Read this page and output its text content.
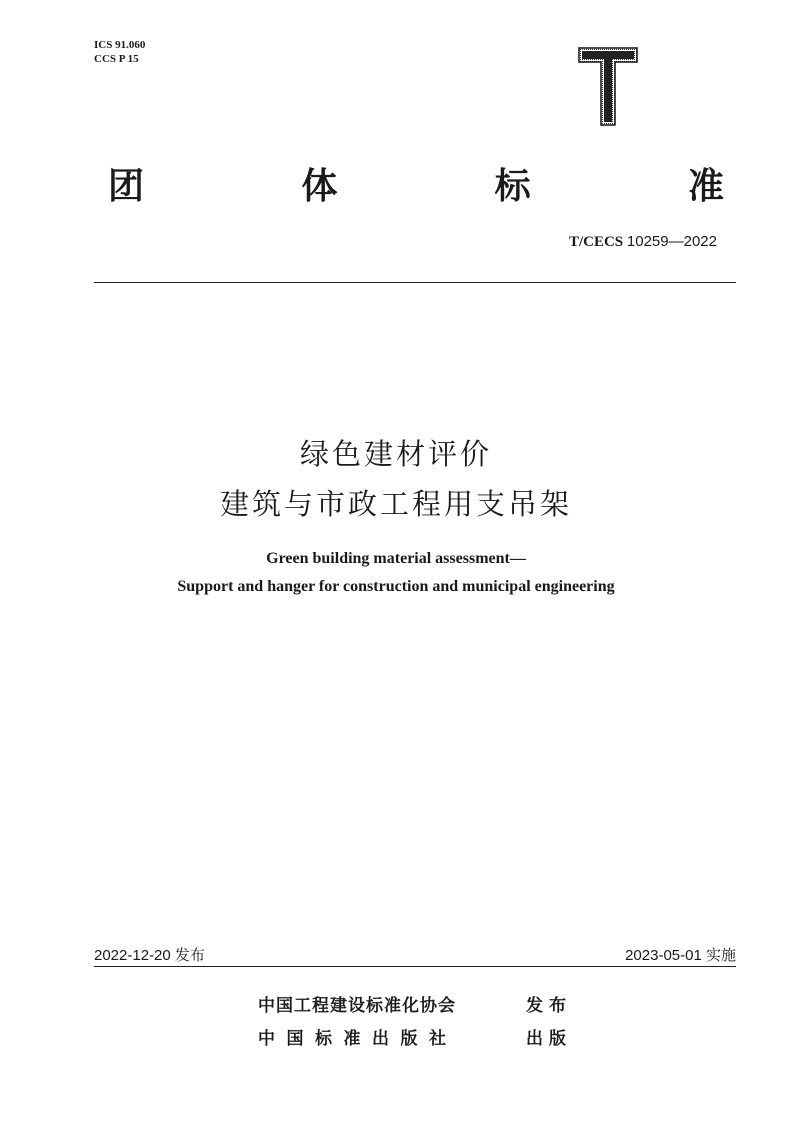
ICS 91.060
CCS P 15
团	体	标	准
T/CECS 10259—2022
绿色建材评价
建筑与市政工程用支吊架
Green building material assessment—
Support and hanger for construction and municipal engineering
2022-12-20 发布	2023-05-01 实施
中国工程建设标准化协会	发布
中国标准出版社	出版
